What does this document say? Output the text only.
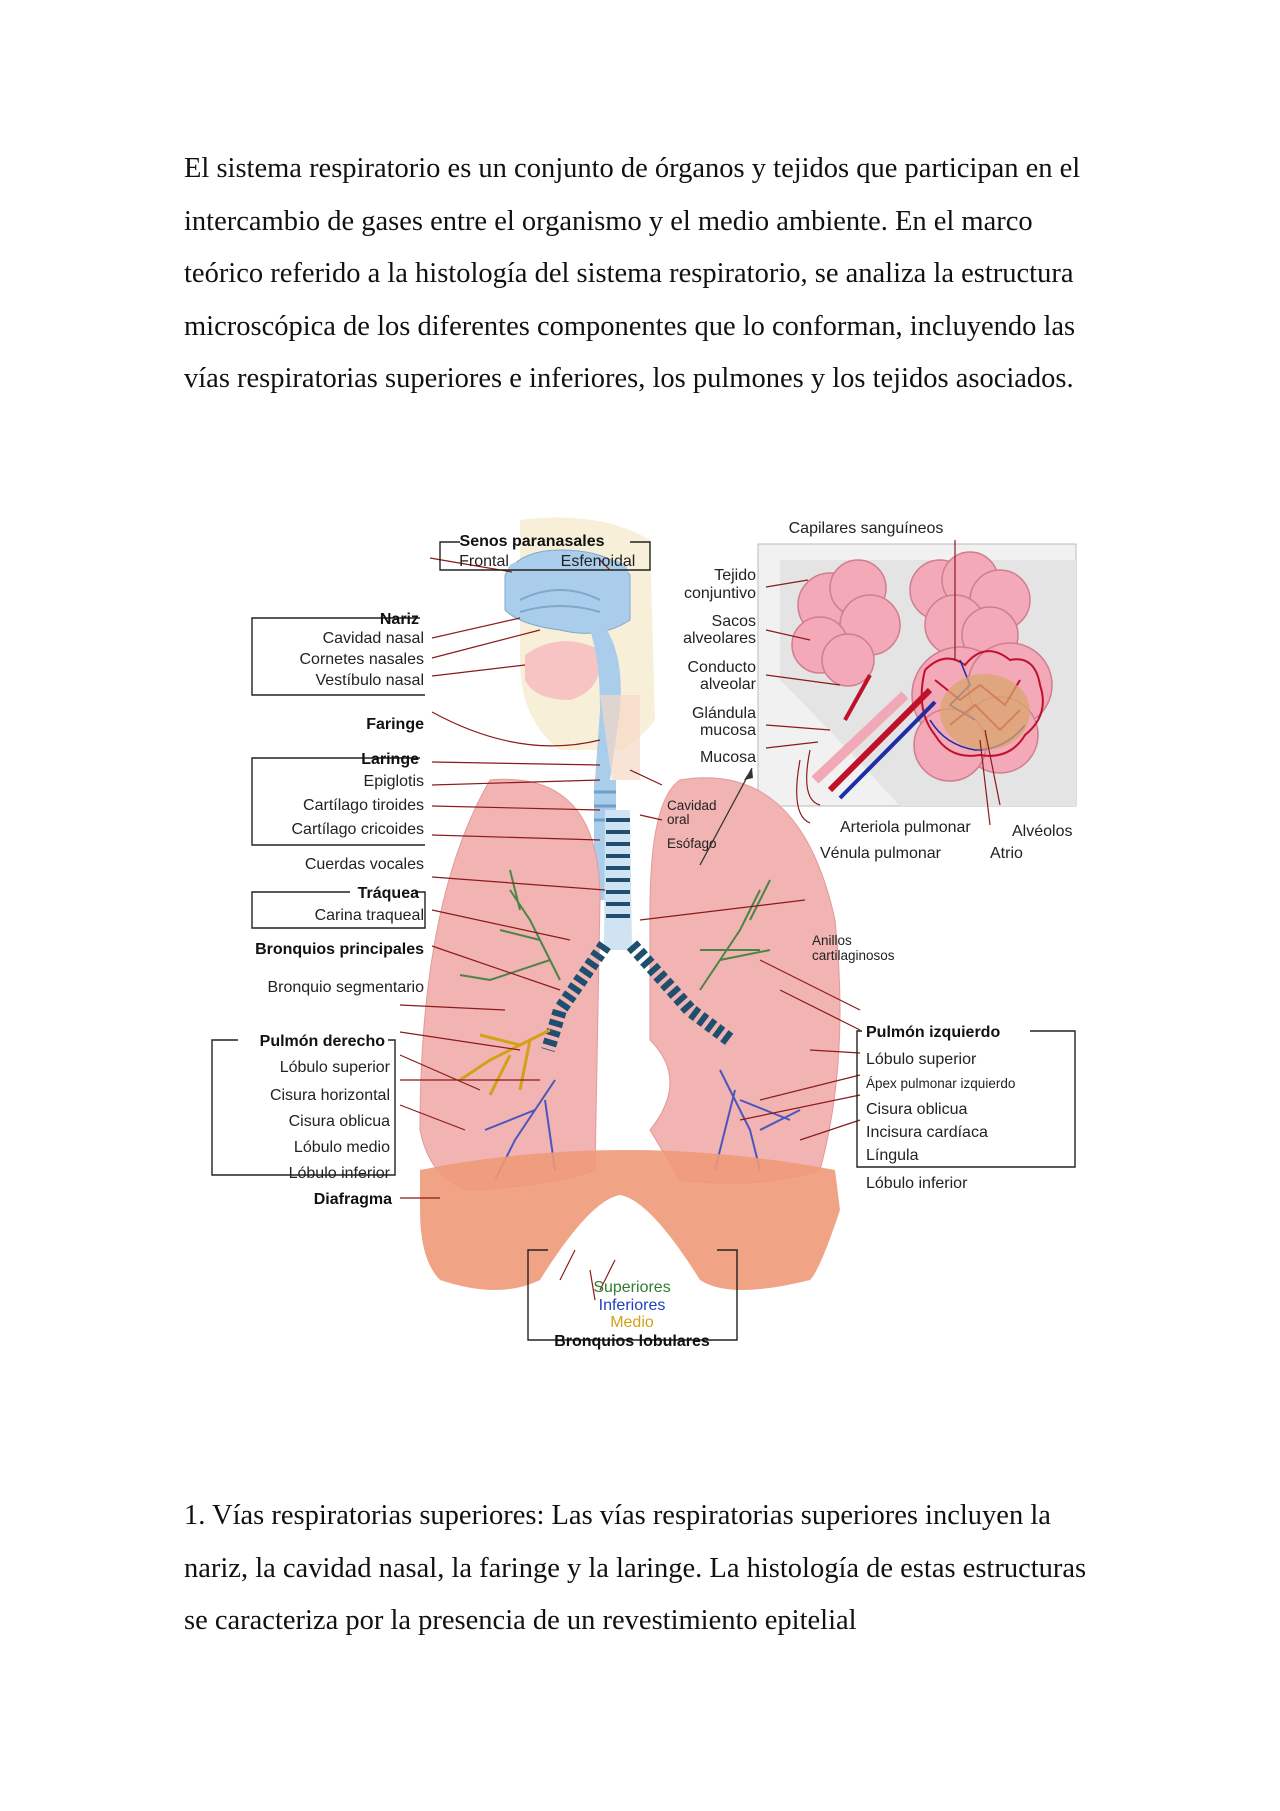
El sistema respiratorio es un conjunto de órganos y tejidos que participan en el intercambio de gases entre el organismo y el medio ambiente. En el marco teórico referido a la histología del sistema respiratorio, se analiza la estructura microscópica de los diferentes componentes que lo conforman, incluyendo las vías respiratorias superiores e inferiores, los pulmones y los tejidos asociados.

Senos paranasales
Frontal	Esfenoidal
Nariz
Cavidad nasal
Cornetes nasales
Vestíbulo nasal
Faringe
Laringe
Epiglotis
Cartílago tiroides
Cartílago cricoides
Cuerdas vocales
Tráquea
Carina traqueal
Bronquios principales
Bronquio segmentario
Pulmón derecho
Lóbulo superior
Cisura horizontal
Cisura oblicua
Lóbulo medio
Lóbulo inferior
Diafragma
Cavidad
oral
Esófago
Anillos
cartilaginosos
Pulmón izquierdo
Lóbulo superior
Ápex pulmonar izquierdo
Cisura oblicua
Incisura cardíaca
Língula
Lóbulo inferior
Capilares sanguíneos
Tejido
conjuntivo
Sacos
alveolares
Conducto
alveolar
Glándula
mucosa
Mucosa
Arteriola pulmonar
Vénula pulmonar
Alvéolos
Atrio
Superiores
Inferiores
Medio
Bronquios lobulares

1. Vías respiratorias superiores: Las vías respiratorias superiores incluyen la nariz, la cavidad nasal, la faringe y la laringe. La histología de estas estructuras se caracteriza por la presencia de un revestimiento epitelial
